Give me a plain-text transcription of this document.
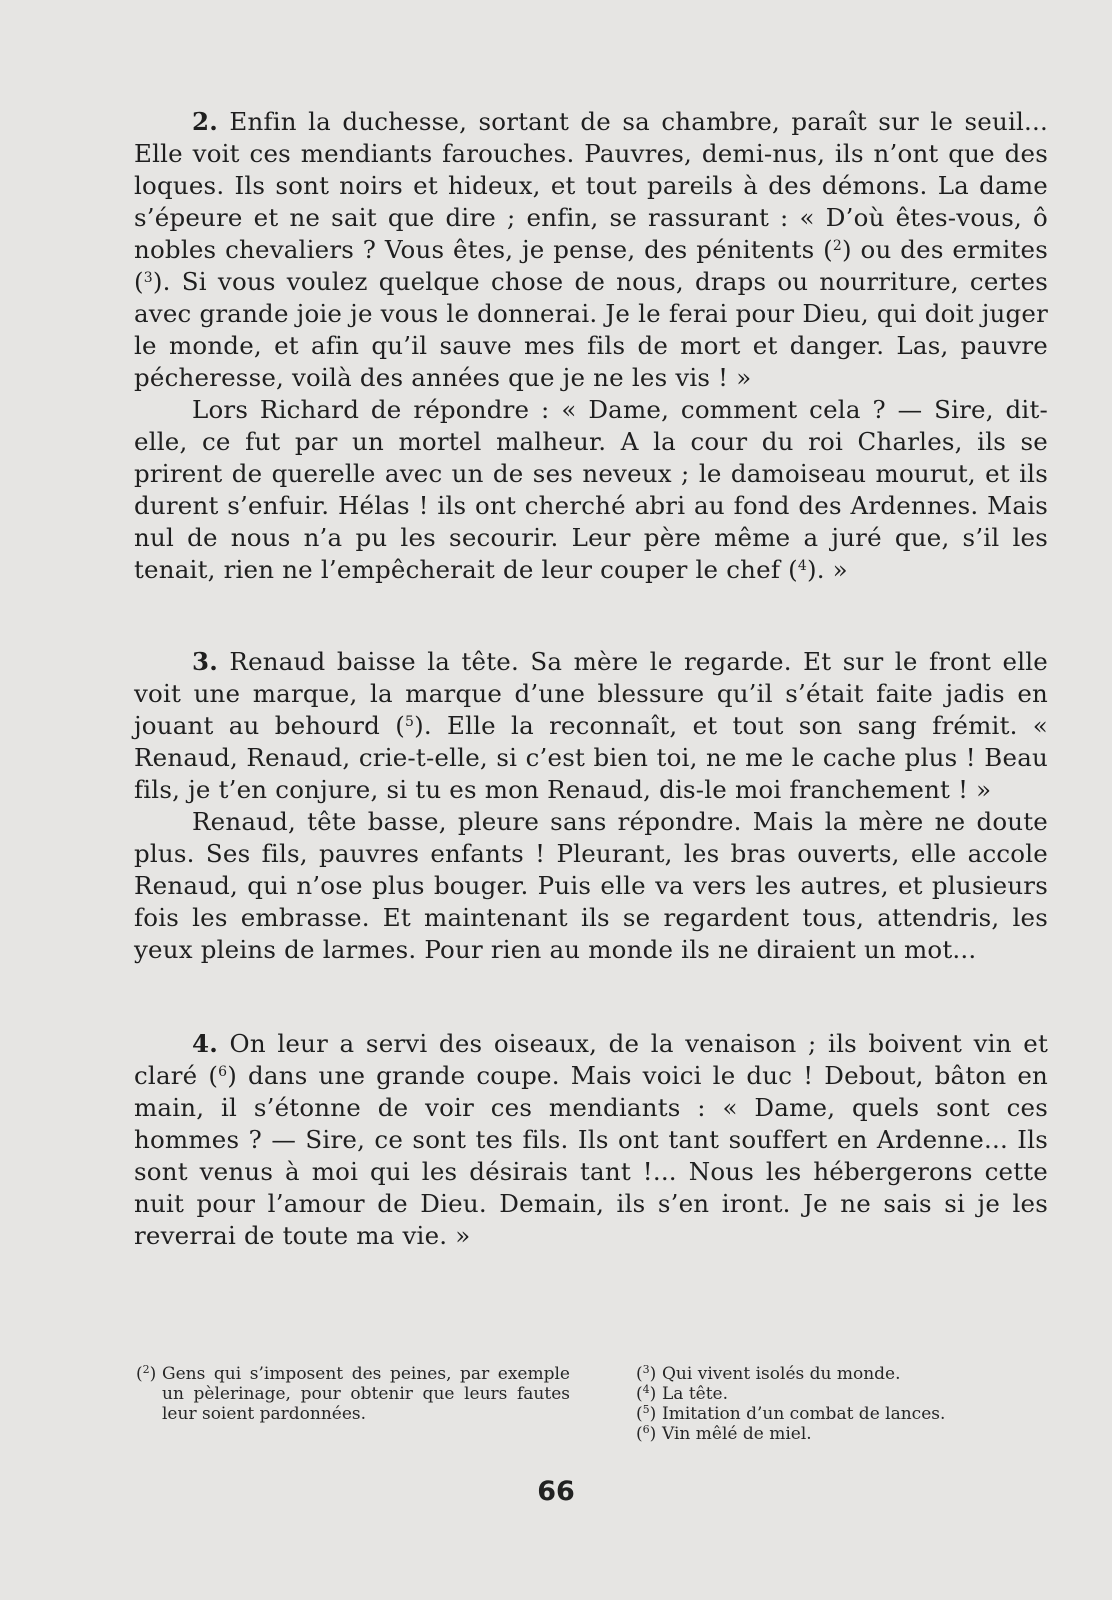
2. Enfin la duchesse, sortant de sa chambre, paraît sur le seuil... Elle voit ces mendiants farouches. Pauvres, demi-nus, ils n’ont que des loques. Ils sont noirs et hideux, et tout pareils à des démons. La dame s’épeure et ne sait que dire ; enfin, se rassurant : « D’où êtes-vous, ô nobles chevaliers ? Vous êtes, je pense, des pénitents ($^2$) ou des ermites ($^3$). Si vous voulez quelque chose de nous, draps ou nourriture, certes avec grande joie je vous le donnerai. Je le ferai pour Dieu, qui doit juger le monde, et afin qu’il sauve mes fils de mort et danger. Las, pauvre pécheresse, voilà des années que je ne les vis ! »

Lors Richard de répondre : « Dame, comment cela ? — Sire, dit-elle, ce fut par un mortel malheur. A la cour du roi Charles, ils se prirent de querelle avec un de ses neveux ; le damoiseau mourut, et ils durent s’enfuir. Hélas ! ils ont cherché abri au fond des Ardennes. Mais nul de nous n’a pu les secourir. Leur père même a juré que, s’il les tenait, rien ne l’empêcherait de leur couper le chef ($^4$). »

3. Renaud baisse la tête. Sa mère le regarde. Et sur le front elle voit une marque, la marque d’une blessure qu’il s’était faite jadis en jouant au behourd ($^5$). Elle la reconnaît, et tout son sang frémit. « Renaud, Renaud, crie-t-elle, si c’est bien toi, ne me le cache plus ! Beau fils, je t’en conjure, si tu es mon Renaud, dis-le moi franchement ! »

Renaud, tête basse, pleure sans répondre. Mais la mère ne doute plus. Ses fils, pauvres enfants ! Pleurant, les bras ouverts, elle accole Renaud, qui n’ose plus bouger. Puis elle va vers les autres, et plusieurs fois les embrasse. Et maintenant ils se regardent tous, attendris, les yeux pleins de larmes. Pour rien au monde ils ne diraient un mot...

4. On leur a servi des oiseaux, de la venaison ; ils boivent vin et claré ($^6$) dans une grande coupe. Mais voici le duc ! Debout, bâton en main, il s’étonne de voir ces mendiants : « Dame, quels sont ces hommes ? — Sire, ce sont tes fils. Ils ont tant souffert en Ardenne... Ils sont venus à moi qui les désirais tant !... Nous les hébergerons cette nuit pour l’amour de Dieu. Demain, ils s’en iront. Je ne sais si je les reverrai de toute ma vie. »

($^2$) Gens qui s’imposent des peines, par exemple un pèlerinage, pour obtenir que leurs fautes leur soient pardonnées.
($^3$) Qui vivent isolés du monde.
($^4$) La tête.
($^5$) Imitation d’un combat de lances.
($^6$) Vin mêlé de miel.
66
